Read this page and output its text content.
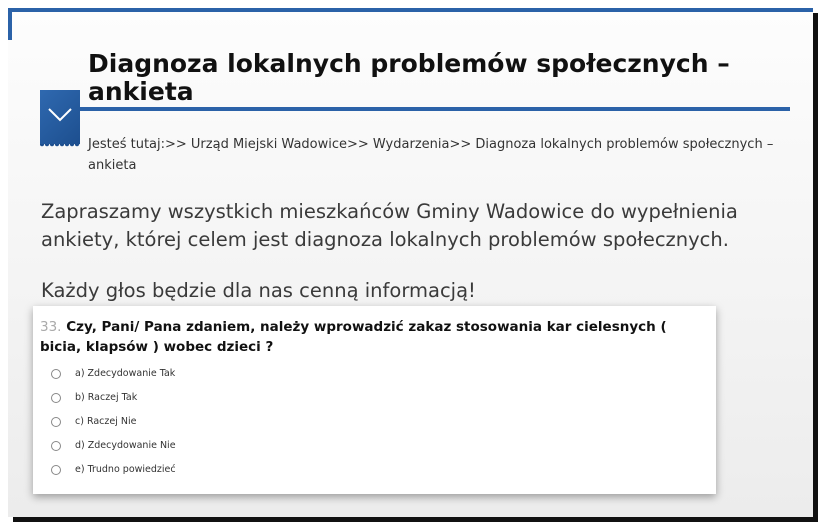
Diagnoza lokalnych problemów społecznych – ankieta
Jesteś tutaj:>> Urząd Miejski Wadowice>> Wydarzenia>> Diagnoza lokalnych problemów społecznych – ankieta
Zapraszamy wszystkich mieszkańców Gminy Wadowice do wypełnienia ankiety, której celem jest diagnoza lokalnych problemów społecznych.
Każdy głos będzie dla nas cenną informacją!
33. Czy, Pani/ Pana zdaniem, należy wprowadzić zakaz stosowania kar cielesnych ( bicia, klapsów ) wobec dzieci ?
a) Zdecydowanie Tak
b) Raczej Tak
c) Raczej Nie
d) Zdecydowanie Nie
e) Trudno powiedzieć
